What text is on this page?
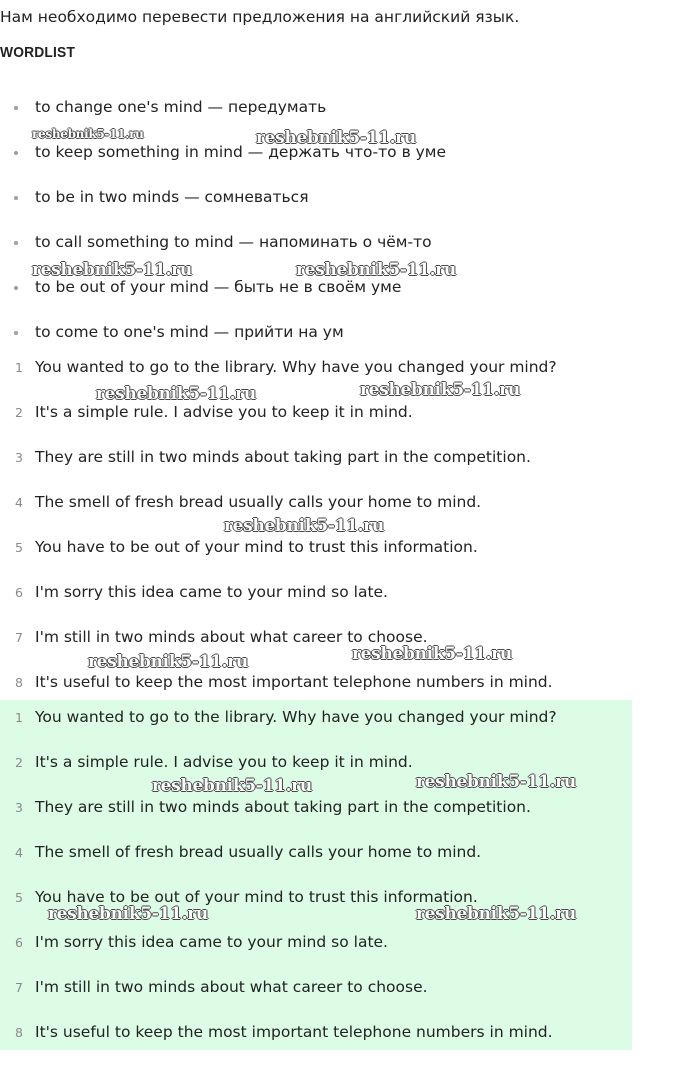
Нам необходимо перевести предложения на английский язык.
WORDLIST
to change one's mind — передумать
to keep something in mind — держать что-то в уме
to be in two minds — сомневаться
to call something to mind — напоминать о чём-то
to be out of your mind — быть не в своём уме
to come to one's mind — прийти на ум
1 You wanted to go to the library. Why have you changed your mind?
2 It's a simple rule. I advise you to keep it in mind.
3 They are still in two minds about taking part in the competition.
4 The smell of fresh bread usually calls your home to mind.
5 You have to be out of your mind to trust this information.
6 I'm sorry this idea came to your mind so late.
7 I'm still in two minds about what career to choose.
8 It's useful to keep the most important telephone numbers in mind.
1 You wanted to go to the library. Why have you changed your mind?
2 It's a simple rule. I advise you to keep it in mind.
3 They are still in two minds about taking part in the competition.
4 The smell of fresh bread usually calls your home to mind.
5 You have to be out of your mind to trust this information.
6 I'm sorry this idea came to your mind so late.
7 I'm still in two minds about what career to choose.
8 It's useful to keep the most important telephone numbers in mind.
reshebnik5-11.ru	reshebnik5-11.ru
reshebnik5-11.ru	reshebnik5-11.ru
reshebnik5-11.ru	reshebnik5-11.ru
reshebnik5-11.ru
reshebnik5-11.ru	reshebnik5-11.ru
reshebnik5-11.ru	reshebnik5-11.ru
reshebnik5-11.ru	reshebnik5-11.ru
